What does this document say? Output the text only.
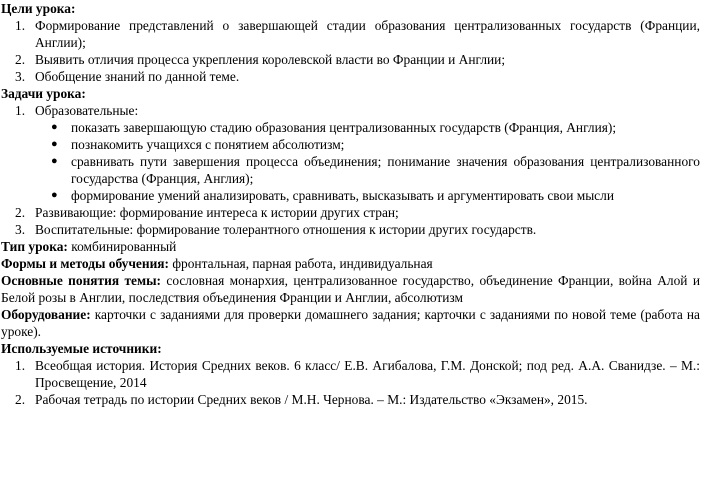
Цели урока:

1. Формирование представлений о завершающей стадии образования централизованных государств (Франции, Англии);
2. Выявить отличия процесса укрепления королевской власти во Франции и Англии;
3. Обобщение знаний по данной теме.

Задачи урока:

1. Образовательные:
● показать завершающую стадию образования централизованных государств (Франция, Англия);
● познакомить учащихся с понятием абсолютизм;
● сравнивать пути завершения процесса объединения; понимание значения образования централизованного государства (Франция, Англия);
● формирование умений анализировать, сравнивать, высказывать и аргументировать свои мысли
2. Развивающие: формирование интереса к истории других стран;
3. Воспитательные: формирование толерантного отношения к истории других государств.

Тип урока: комбинированный

Формы и методы обучения: фронтальная, парная работа, индивидуальная

Основные понятия темы: сословная монархия, централизованное государство, объединение Франции, война Алой и Белой розы в Англии, последствия объединения Франции и Англии, абсолютизм

Оборудование: карточки с заданиями для проверки домашнего задания; карточки с заданиями по новой теме (работа на уроке).

Используемые источники:

1. Всеобщая история. История Средних веков. 6 класс/ Е.В. Агибалова, Г.М. Донской; под ред. А.А. Сванидзе. – М.: Просвещение, 2014
2. Рабочая тетрадь по истории Средних веков / М.Н. Чернова. – М.: Издательство «Экзамен», 2015.
